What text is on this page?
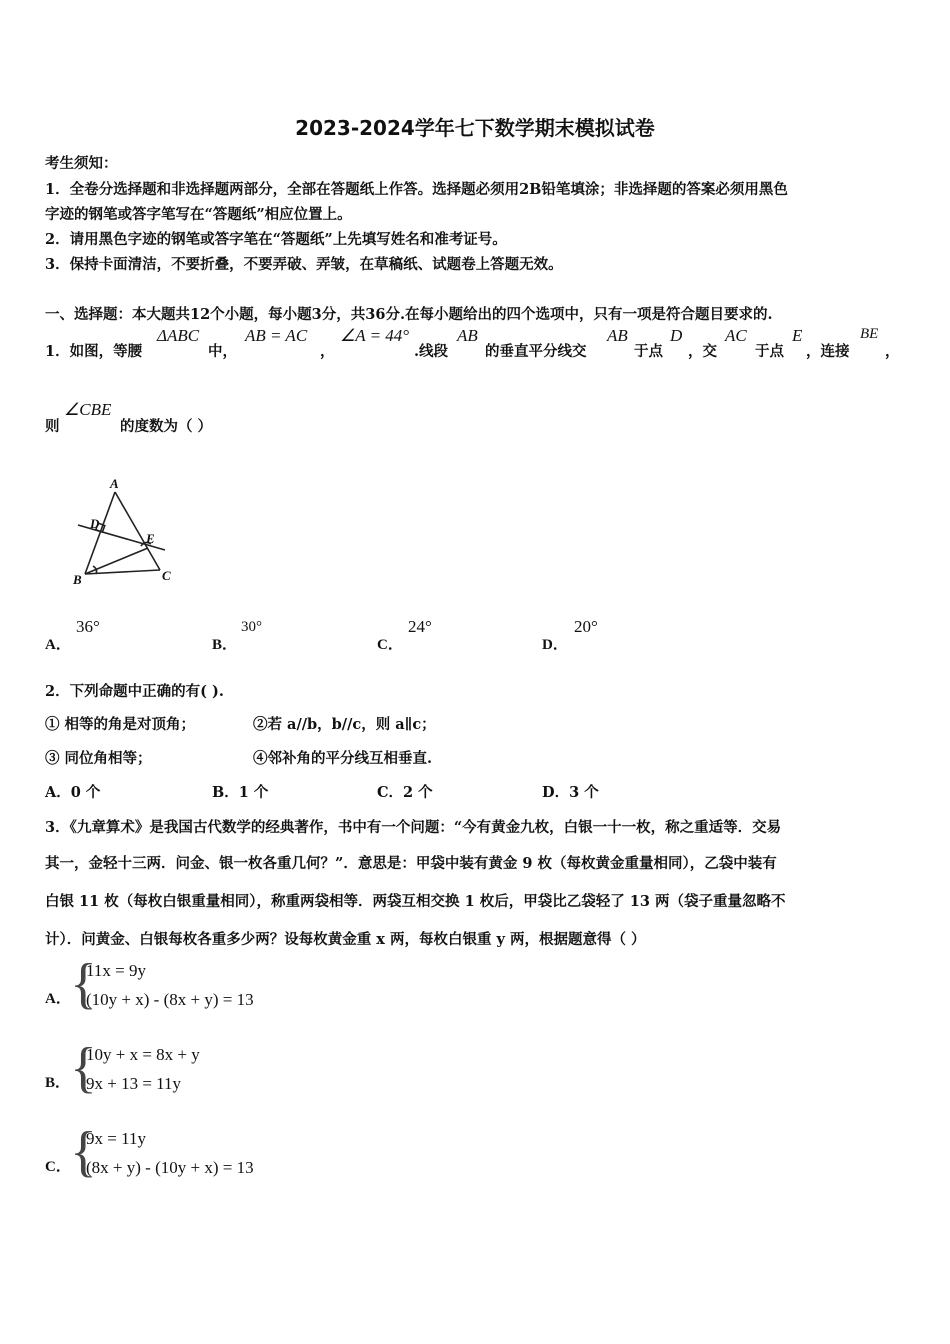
2023-2024学年七下数学期末模拟试卷
考生须知：
1．全卷分选择题和非选择题两部分，全部在答题纸上作答。选择题必须用2B铅笔填涂；非选择题的答案必须用黑色
字迹的钢笔或答字笔写在“答题纸”相应位置上。
2．请用黑色字迹的钢笔或答字笔在“答题纸”上先填写姓名和准考证号。
3．保持卡面清洁，不要折叠，不要弄破、弄皱，在草稿纸、试题卷上答题无效。
一、选择题：本大题共12个小题，每小题3分，共36分.在每小题给出的四个选项中，只有一项是符合题目要求的.
1．如图，等腰
ΔABC
中，
AB = AC
，
∠A = 44°
.线段
AB
的垂直平分线交
AB
于点
D
，交
AC
于点
E
，连接
BE
，
则
∠CBE
的度数为（ ）
A
D
E
B	C
A．
36°
B．
30°
C．
24°
D．
20°
2．下列命题中正确的有( ).
① 相等的角是对顶角；	②若 a//b，b//c，则 a∥c；
③ 同位角相等；	④邻补角的平分线互相垂直.
A．0 个	B．1 个	C．2 个	D．3 个
3．《九章算术》是我国古代数学的经典著作，书中有一个问题：“今有黄金九枚，白银一十一枚，称之重适等．交易
其一，金轻十三两．问金、银一枚各重几何？”．意思是：甲袋中装有黄金 9 枚（每枚黄金重量相同），乙袋中装有
白银 11 枚（每枚白银重量相同），称重两袋相等．两袋互相交换 1 枚后，甲袋比乙袋轻了 13 两（袋子重量忽略不
计）．问黄金、白银每枚各重多少两？设每枚黄金重 x 两，每枚白银重 y 两，根据题意得（ ）
A． {
11x = 9y
(10y + x) - (8x + y) = 13
B． {
10y + x = 8x + y
9x + 13 = 11y
C． {
9x = 11y
(8x + y) - (10y + x) = 13
